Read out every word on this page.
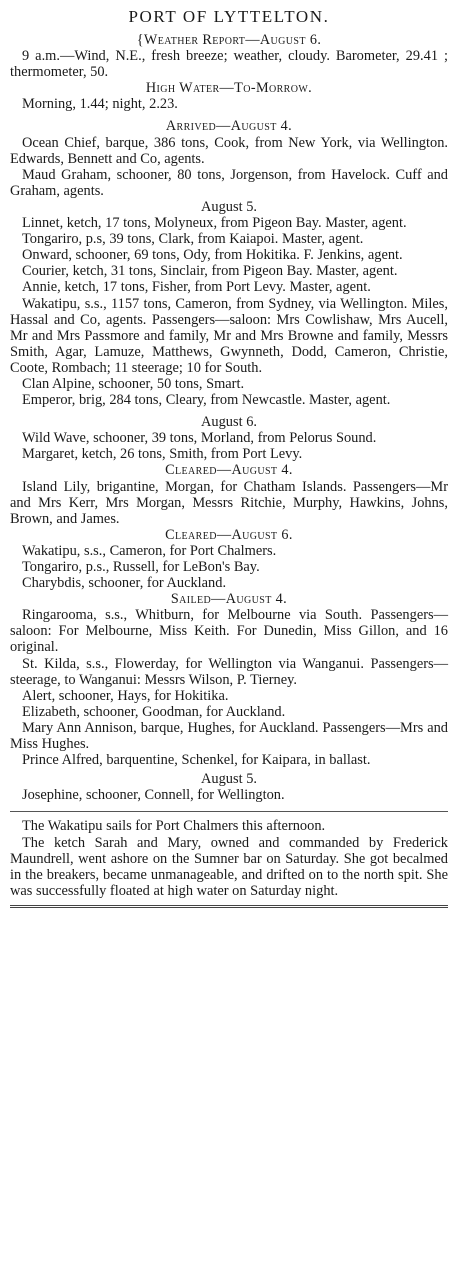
PORT OF LYTTELTON.
{Weather Report—August 6.

9 a.m.—Wind, N.E., fresh breeze; weather, cloudy. Barometer, 29.41 ; thermometer, 50.

High Water—To-Morrow.

Morning, 1.44; night, 2.23.

Arrived—August 4.

Ocean Chief, barque, 386 tons, Cook, from New York, via Wellington. Edwards, Bennett and Co, agents.

Maud Graham, schooner, 80 tons, Jorgenson, from Havelock. Cuff and Graham, agents.

August 5.

Linnet, ketch, 17 tons, Molyneux, from Pigeon Bay. Master, agent.

Tongariro, p.s, 39 tons, Clark, from Kaiapoi. Master, agent.

Onward, schooner, 69 tons, Ody, from Hokitika. F. Jenkins, agent.

Courier, ketch, 31 tons, Sinclair, from Pigeon Bay. Master, agent.

Annie, ketch, 17 tons, Fisher, from Port Levy. Master, agent.

Wakatipu, s.s., 1157 tons, Cameron, from Sydney, via Wellington. Miles, Hassal and Co, agents. Passengers—saloon: Mrs Cowlishaw, Mrs Aucell, Mr and Mrs Passmore and family, Mr and Mrs Browne and family, Messrs Smith, Agar, Lamuze, Matthews, Gwynneth, Dodd, Cameron, Christie, Coote, Rombach; 11 steerage; 10 for South.

Clan Alpine, schooner, 50 tons, Smart.

Emperor, brig, 284 tons, Cleary, from Newcastle. Master, agent.

August 6.

Wild Wave, schooner, 39 tons, Morland, from Pelorus Sound.

Margaret, ketch, 26 tons, Smith, from Port Levy.

Cleared—August 4.

Island Lily, brigantine, Morgan, for Chatham Islands. Passengers—Mr and Mrs Kerr, Mrs Morgan, Messrs Ritchie, Murphy, Hawkins, Johns, Brown, and James.

Cleared—August 6.

Wakatipu, s.s., Cameron, for Port Chalmers.

Tongariro, p.s., Russell, for LeBon's Bay.

Charybdis, schooner, for Auckland.

Sailed—August 4.

Ringarooma, s.s., Whitburn, for Melbourne via South. Passengers—saloon: For Melbourne, Miss Keith. For Dunedin, Miss Gillon, and 16 original.

St. Kilda, s.s., Flowerday, for Wellington via Wanganui. Passengers—steerage, to Wanganui: Messrs Wilson, P. Tierney.

Alert, schooner, Hays, for Hokitika.

Elizabeth, schooner, Goodman, for Auckland.

Mary Ann Annison, barque, Hughes, for Auckland. Passengers—Mrs and Miss Hughes.

Prince Alfred, barquentine, Schenkel, for Kaipara, in ballast.

August 5.

Josephine, schooner, Connell, for Wellington.

The Wakatipu sails for Port Chalmers this afternoon.

The ketch Sarah and Mary, owned and commanded by Frederick Maundrell, went ashore on the Sumner bar on Saturday. She got becalmed in the breakers, became unmanageable, and drifted on to the north spit. She was successfully floated at high water on Saturday night.
